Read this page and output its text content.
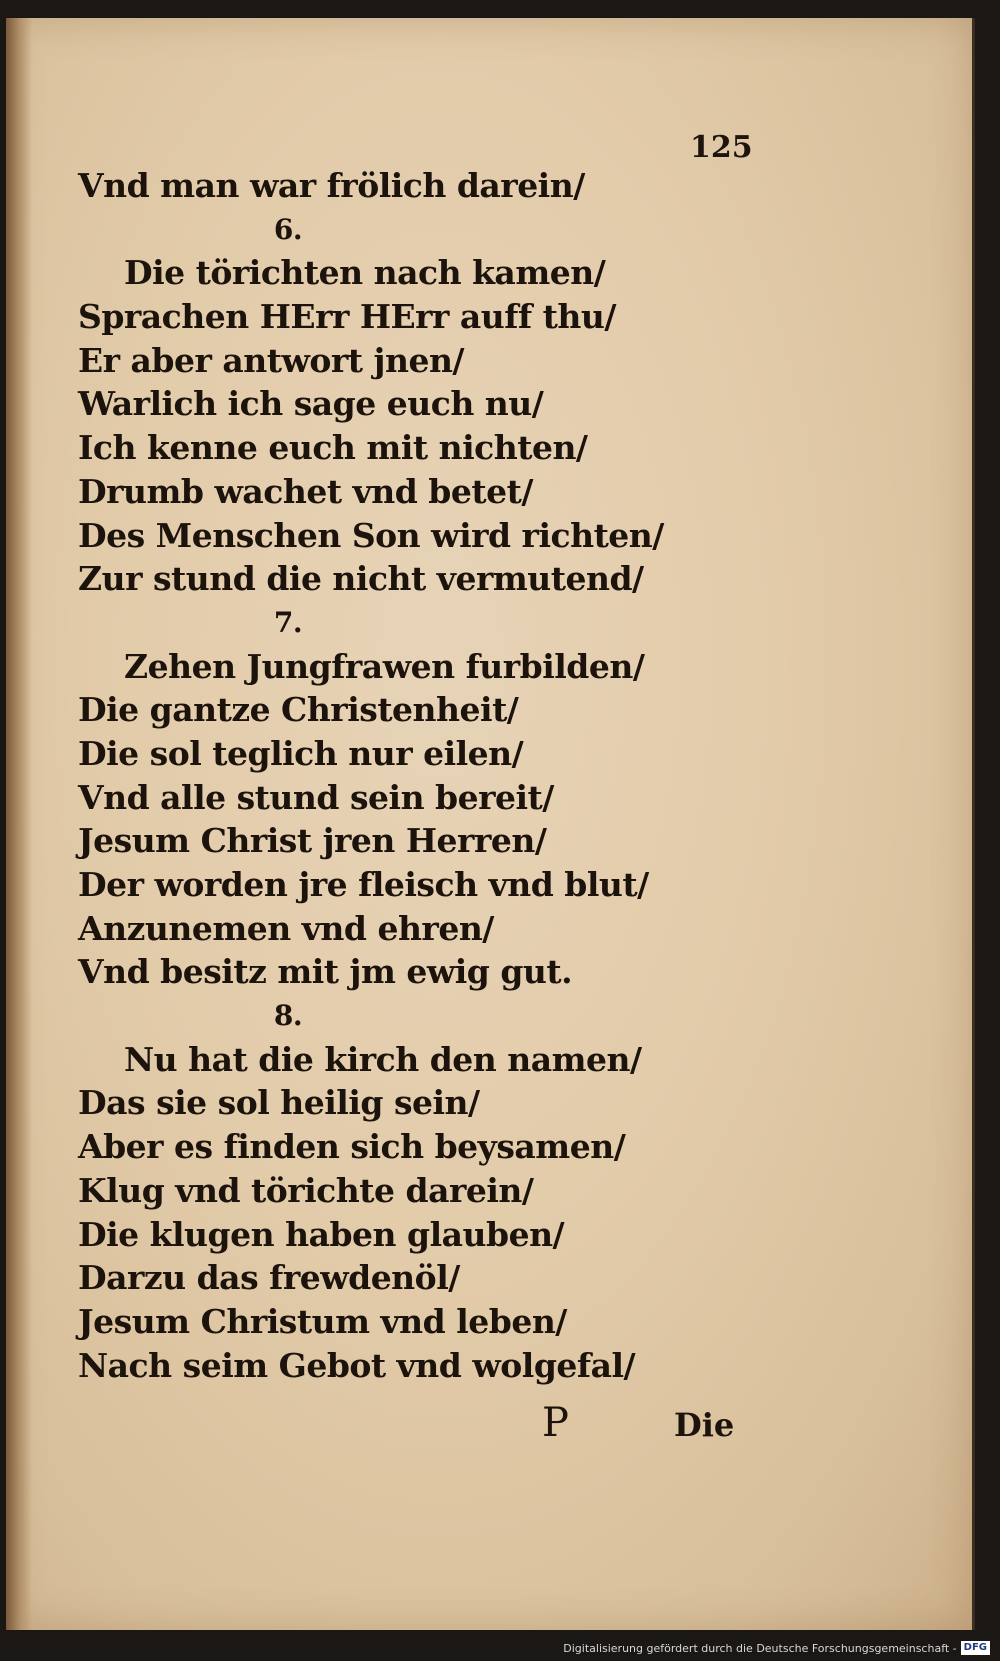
125
Vnd man war frölich darein/
6.
Die törichten nach kamen/
Sprachen HErr HErr auff thu/
Er aber antwort jnen/
Warlich ich sage euch nu/
Ich kenne euch mit nichten/
Drumb wachet vnd betet/
Des Menschen Son wird richten/
Zur stund die nicht vermutend/
7.
Zehen Jungfrawen furbilden/
Die gantze Christenheit/
Die sol teglich nur eilen/
Vnd alle stund sein bereit/
Jesum Christ jren Herren/
Der worden jre fleisch vnd blut/
Anzunemen vnd ehren/
Vnd besitz mit jm ewig gut.
8.
Nu hat die kirch den namen/
Das sie sol heilig sein/
Aber es finden sich beysamen/
Klug vnd törichte darein/
Die klugen haben glauben/
Darzu das frewdenöl/
Jesum Christum vnd leben/
Nach seim Gebot vnd wolgefal/
P	Die
Digitalisierung gefördert durch die Deutsche Forschungsgemeinschaft - DFG
